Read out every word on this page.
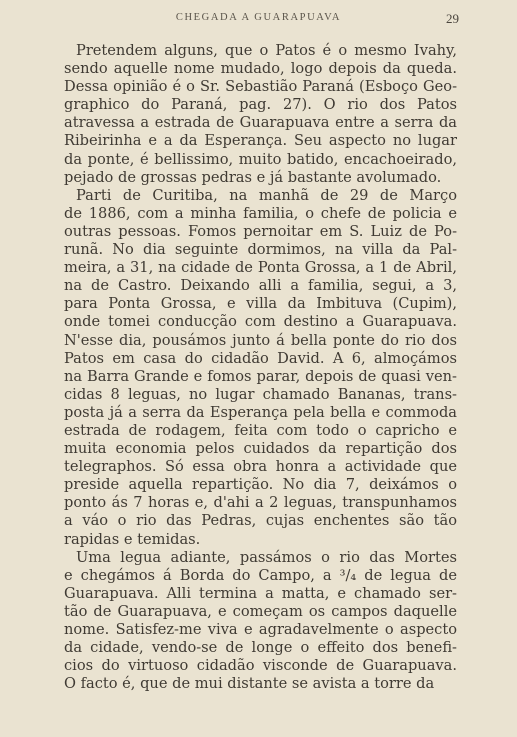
CHEGADA A GUARAPUAVA	29
Pretendem alguns, que o Patos é o mesmo Ivahy,
sendo aquelle nome mudado, logo depois da queda.
Dessa opinião é o Sr. Sebastião Paraná (Esboço Geo-
graphico do Paraná, pag. 27). O rio dos Patos
atravessa a estrada de Guarapuava entre a serra da
Ribeirinha e a da Esperança. Seu aspecto no lugar
da ponte, é bellissimo, muito batido, encachoeirado,
pejado de grossas pedras e já bastante avolumado.
Parti de Curitiba, na manhã de 29 de Março
de 1886, com a minha familia, o chefe de policia e
outras pessoas. Fomos pernoitar em S. Luiz de Po-
runã. No dia seguinte dormimos, na villa da Pal-
meira, a 31, na cidade de Ponta Grossa, a 1 de Abril,
na de Castro. Deixando alli a familia, segui, a 3,
para Ponta Grossa, e villa da Imbituva (Cupim),
onde tomei conducção com destino a Guarapuava.
N'esse dia, pousámos junto á bella ponte do rio dos
Patos em casa do cidadão David. A 6, almoçámos
na Barra Grande e fomos parar, depois de quasi ven-
cidas 8 leguas, no lugar chamado Bananas, trans-
posta já a serra da Esperança pela bella e commoda
estrada de rodagem, feita com todo o capricho e
muita economia pelos cuidados da repartição dos
telegraphos. Só essa obra honra a actividade que
preside aquella repartição. No dia 7, deixámos o
ponto ás 7 horas e, d'ahi a 2 leguas, transpunhamos
a váo o rio das Pedras, cujas enchentes são tão
rapidas e temidas.
Uma legua adiante, passámos o rio das Mortes
e chegámos á Borda do Campo, a ³/₄ de legua de
Guarapuava. Alli termina a matta, e chamado ser-
tão de Guarapuava, e começam os campos daquelle
nome. Satisfez-me viva e agradavelmente o aspecto
da cidade, vendo-se de longe o effeito dos benefi-
cios do virtuoso cidadão visconde de Guarapuava.
O facto é, que de mui distante se avista a torre da
